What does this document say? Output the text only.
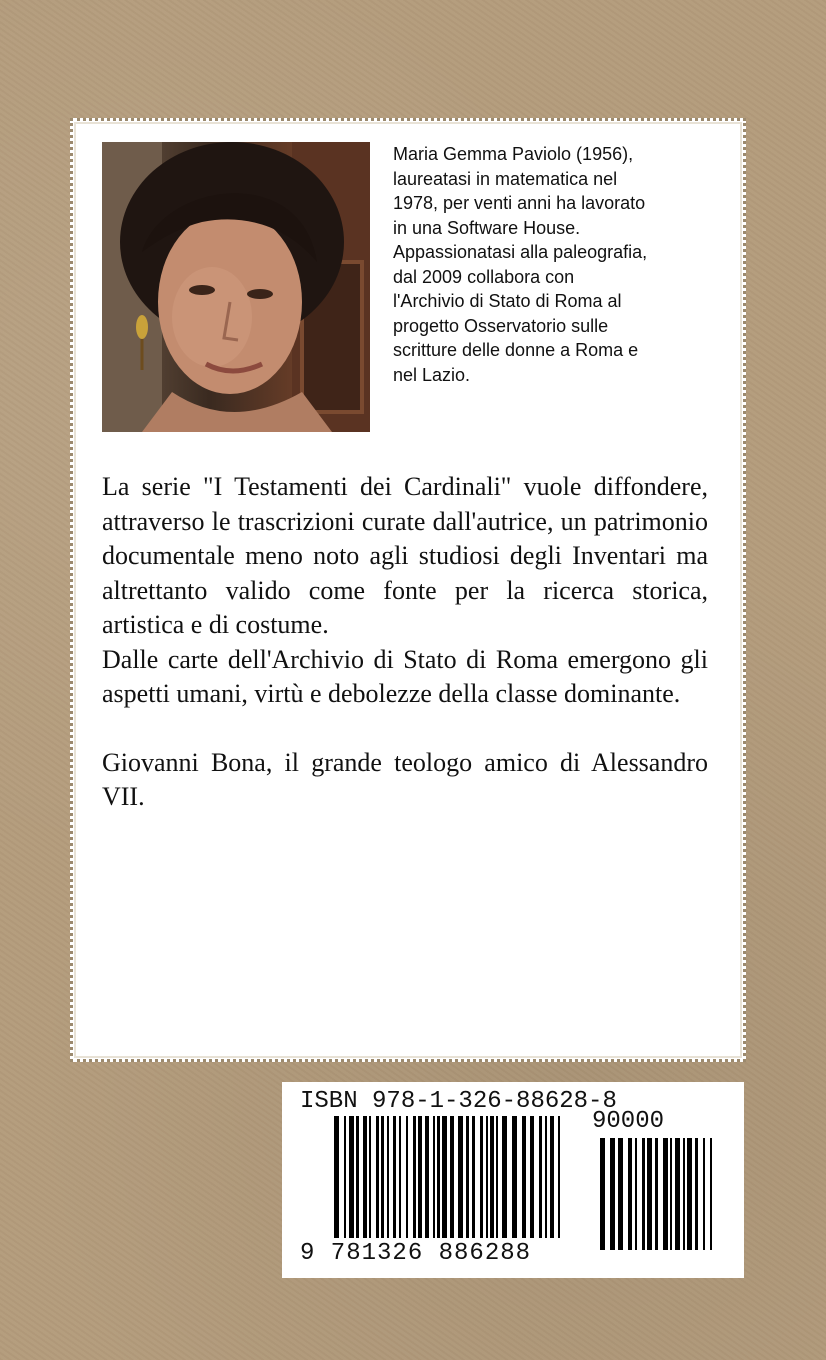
Maria Gemma Paviolo (1956),
laureatasi in matematica nel
1978, per venti anni ha lavorato
in una Software House.
Appassionatasi alla paleografia,
dal 2009 collabora con
l'Archivio di Stato di Roma al
progetto Osservatorio sulle
scritture delle donne a Roma e
nel Lazio.

La serie "I Testamenti dei Cardinali" vuole diffondere, attraverso le trascrizioni curate dall'autrice, un patrimonio documentale meno noto agli studiosi degli Inventari ma altrettanto valido come fonte per la ricerca storica, artistica e di costume.

Dalle carte dell'Archivio di Stato di Roma emergono gli aspetti umani, virtù e debolezze della classe dominante.

Giovanni Bona, il grande teologo amico di Alessandro VII.

ISBN 978-1-326-88628-8
90000
9 781326 886288
